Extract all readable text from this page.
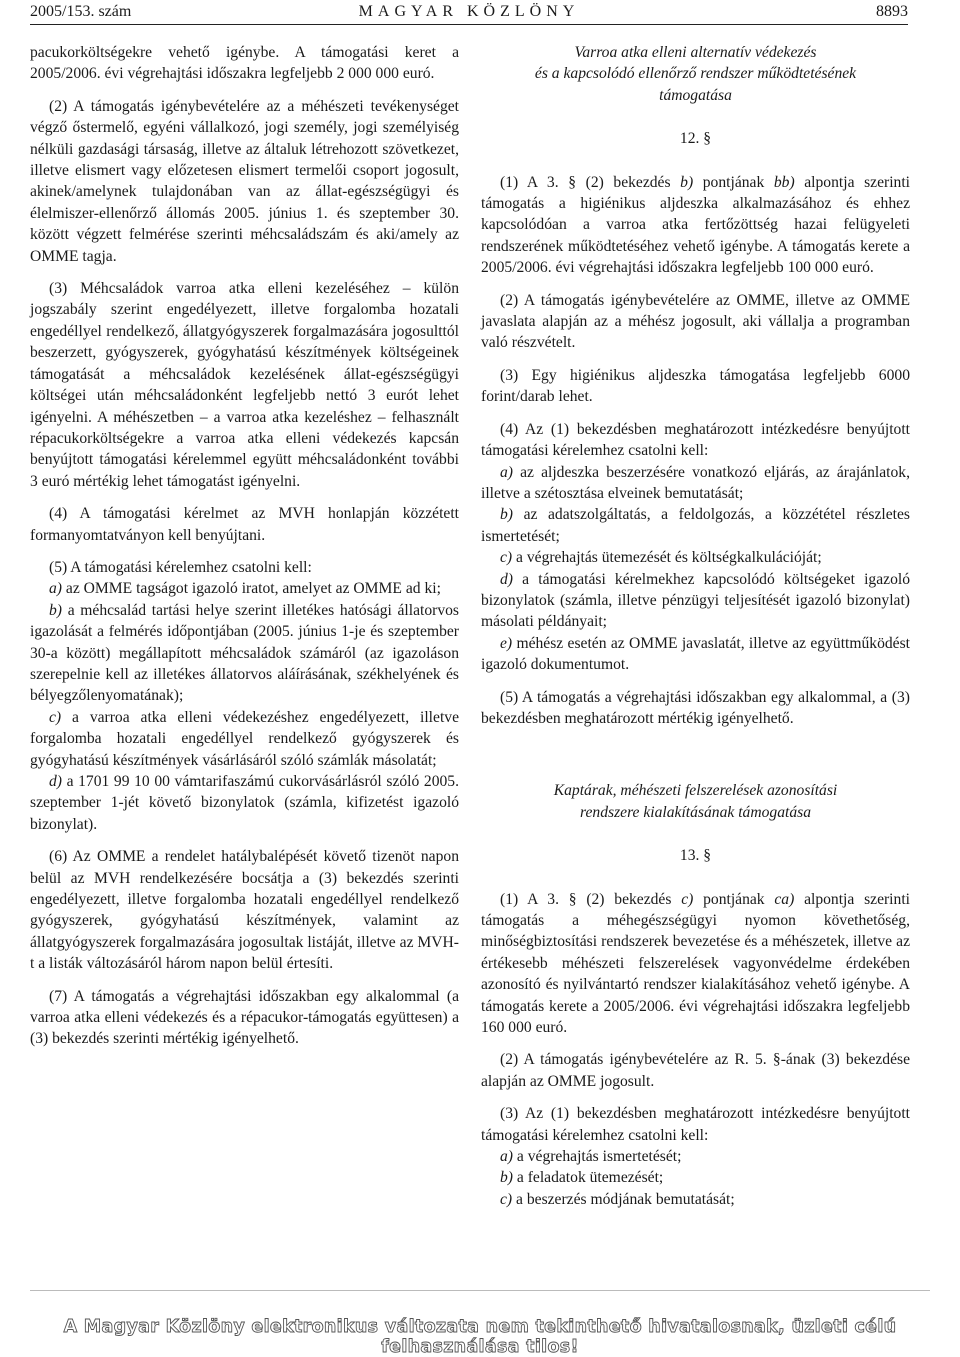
2005/153. szám	MAGYAR KÖZLÖNY	8893

pacukorköltségekre vehető igénybe. A támogatási keret a 2005/2006. évi végrehajtási időszakra legfeljebb 2 000 000 euró.

(2) A támogatás igénybevételére az a méhészeti tevékenységet végző őstermelő, egyéni vállalkozó, jogi személy, jogi személyiség nélküli gazdasági társaság, illetve az általuk létrehozott szövetkezet, illetve elismert vagy előzetesen elismert termelői csoport jogosult, akinek/amelynek tulajdonában van az állat-egészségügyi és élelmiszer-ellenőrző állomás 2005. június 1. és szeptember 30. között végzett felmérése szerinti méhcsaládszám és aki/amely az OMME tagja.

(3) Méhcsaládok varroa atka elleni kezeléséhez – külön jogszabály szerint engedélyezett, illetve forgalomba hozatali engedéllyel rendelkező, állatgyógyszerek forgalmazására jogosulttól beszerzett, gyógyszerek, gyógyhatású készítmények költségeinek támogatását a méhcsaládok kezelésének állat-egészségügyi költségei után méhcsaládonként legfeljebb nettó 3 eurót lehet igényelni. A méhészetben – a varroa atka kezeléshez – felhasznált répacukorköltségekre a varroa atka elleni védekezés kapcsán benyújtott támogatási kérelemmel együtt méhcsaládonként további 3 euró mértékig lehet támogatást igényelni.

(4) A támogatási kérelmet az MVH honlapján közzétett formanyomtatványon kell benyújtani.

(5) A támogatási kérelemhez csatolni kell:

a) az OMME tagságot igazoló iratot, amelyet az OMME ad ki;

b) a méhcsalád tartási helye szerint illetékes hatósági állatorvos igazolását a felmérés időpontjában (2005. június 1-je és szeptember 30-a között) megállapított méhcsaládok számáról (az igazoláson szerepelnie kell az illetékes állatorvos aláírásának, székhelyének és bélyegzőlenyomatának);

c) a varroa atka elleni védekezéshez engedélyezett, illetve forgalomba hozatali engedéllyel rendelkező gyógyszerek és gyógyhatású készítmények vásárlásáról szóló számlák másolatát;

d) a 1701 99 10 00 vámtarifaszámú cukorvásárlásról szóló 2005. szeptember 1-jét követő bizonylatok (számla, kifizetést igazoló bizonylat).

(6) Az OMME a rendelet hatálybalépését követő tizenöt napon belül az MVH rendelkezésére bocsátja a (3) bekezdés szerinti engedélyezett, illetve forgalomba hozatali engedéllyel rendelkező gyógyszerek, gyógyhatású készítmények, valamint az állatgyógyszerek forgalmazására jogosultak listáját, illetve az MVH-t a listák változásáról három napon belül értesíti.

(7) A támogatás a végrehajtási időszakban egy alkalommal (a varroa atka elleni védekezés és a répacukor-támogatás együttesen) a (3) bekezdés szerinti mértékig igényelhető.

Varroa atka elleni alternatív védekezés
és a kapcsolódó ellenőrző rendszer működtetésének
támogatása

12. §

(1) A 3. § (2) bekezdés b) pontjának bb) alpontja szerinti támogatás a higiénikus aljdeszka alkalmazásához és ehhez kapcsolódóan a varroa atka fertőzöttség hazai felügyeleti rendszerének működtetéséhez vehető igénybe. A támogatás kerete a 2005/2006. évi végrehajtási időszakra legfeljebb 100 000 euró.

(2) A támogatás igénybevételére az OMME, illetve az OMME javaslata alapján az a méhész jogosult, aki vállalja a programban való részvételt.

(3) Egy higiénikus aljdeszka támogatása legfeljebb 6000 forint/darab lehet.

(4) Az (1) bekezdésben meghatározott intézkedésre benyújtott támogatási kérelemhez csatolni kell:

a) az aljdeszka beszerzésére vonatkozó eljárás, az árajánlatok, illetve a szétosztása elveinek bemutatását;

b) az adatszolgáltatás, a feldolgozás, a közzététel részletes ismertetését;

c) a végrehajtás ütemezését és költségkalkulációját;

d) a támogatási kérelmekhez kapcsolódó költségeket igazoló bizonylatok (számla, illetve pénzügyi teljesítését igazoló bizonylat) másolati példányait;

e) méhész esetén az OMME javaslatát, illetve az együttműködést igazoló dokumentumot.

(5) A támogatás a végrehajtási időszakban egy alkalommal, a (3) bekezdésben meghatározott mértékig igényelhető.

Kaptárak, méhészeti felszerelések azonosítási
rendszere kialakításának támogatása

13. §

(1) A 3. § (2) bekezdés c) pontjának ca) alpontja szerinti támogatás a méhegészségügyi nyomon követhetőség, minőségbiztosítási rendszerek bevezetése és a méhészetek, illetve az értékesebb méhészeti felszerelések vagyonvédelme érdekében azonosító és nyilvántartó rendszer kialakításához vehető igénybe. A támogatás kerete a 2005/2006. évi végrehajtási időszakra legfeljebb 160 000 euró.

(2) A támogatás igénybevételére az R. 5. §-ának (3) bekezdése alapján az OMME jogosult.

(3) Az (1) bekezdésben meghatározott intézkedésre benyújtott támogatási kérelemhez csatolni kell:

a) a végrehajtás ismertetését;

b) a feladatok ütemezését;

c) a beszerzés módjának bemutatását;

A Magyar Közlöny elektronikus változata nem tekinthető hivatalosnak, üzleti célú felhasználása tilos!
